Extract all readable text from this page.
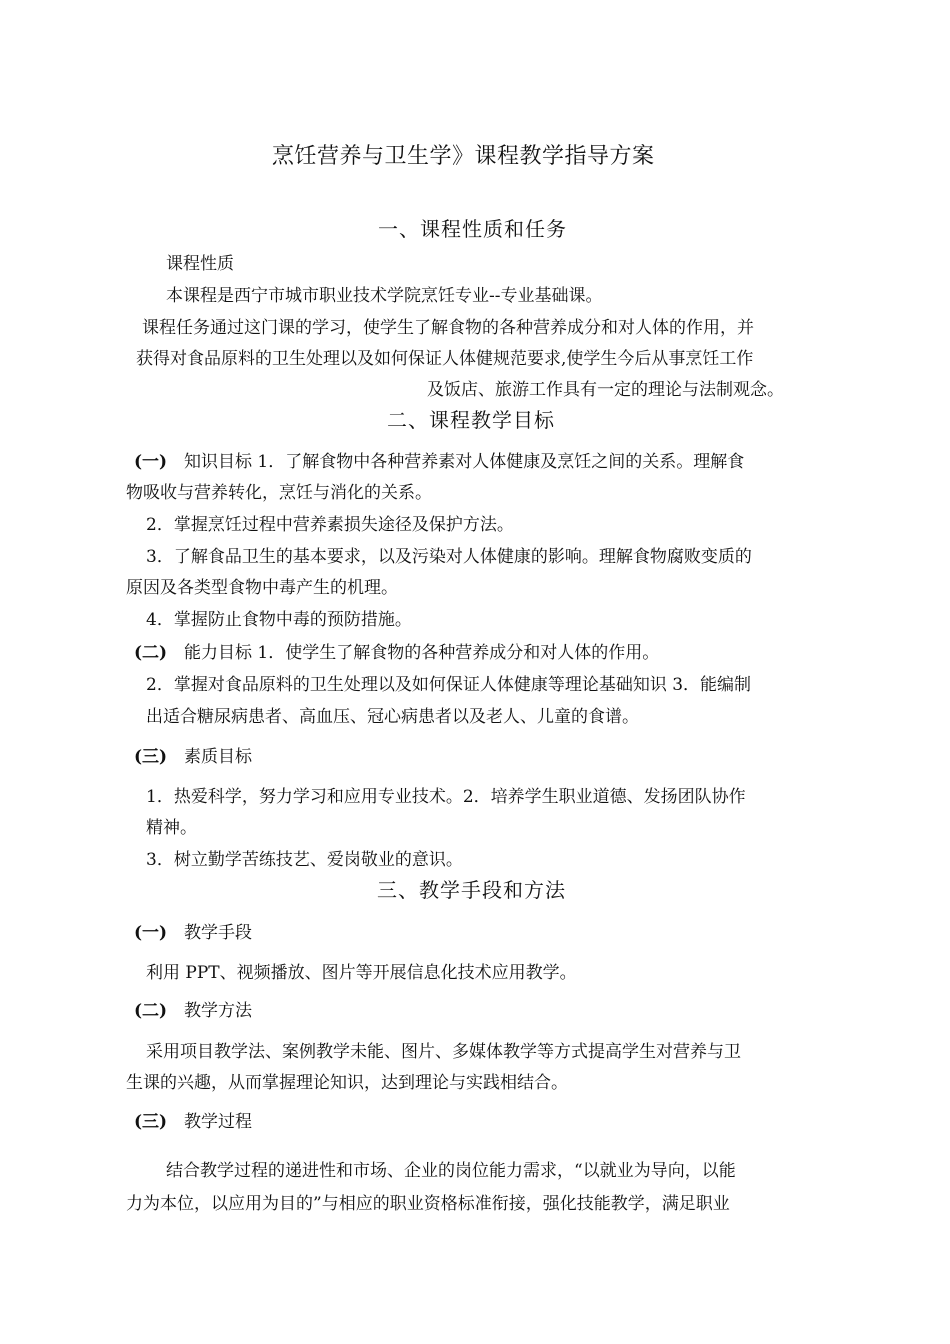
烹饪营养与卫生学》课程教学指导方案
一、课程性质和任务
课程性质
本课程是西宁市城市职业技术学院烹饪专业--专业基础课。
课程任务通过这门课的学习，使学生了解食物的各种营养成分和对人体的作用，并
获得对食品原料的卫生处理以及如何保证人体健规范要求,使学生今后从事烹饪工作
及饭店、旅游工作具有一定的理论与法制观念。
二、课程教学目标
(一) 知识目标 1．了解食物中各种营养素对人体健康及烹饪之间的关系。理解食
物吸收与营养转化，烹饪与消化的关系。
2．掌握烹饪过程中营养素损失途径及保护方法。
3．了解食品卫生的基本要求，以及污染对人体健康的影响。理解食物腐败变质的
原因及各类型食物中毒产生的机理。
4．掌握防止食物中毒的预防措施。
(二) 能力目标 1．使学生了解食物的各种营养成分和对人体的作用。
2．掌握对食品原料的卫生处理以及如何保证人体健康等理论基础知识 3．能编制
出适合糖尿病患者、高血压、冠心病患者以及老人、儿童的食谱。
(三) 素质目标
1．热爱科学，努力学习和应用专业技术。2．培养学生职业道德、发扬团队协作
精神。
3．树立勤学苦练技艺、爱岗敬业的意识。
三、教学手段和方法
(一) 教学手段
利用 PPT、视频播放、图片等开展信息化技术应用教学。
(二) 教学方法
采用项目教学法、案例教学未能、图片、多媒体教学等方式提高学生对营养与卫
生课的兴趣，从而掌握理论知识，达到理论与实践相结合。
(三) 教学过程
结合教学过程的递进性和市场、企业的岗位能力需求，“以就业为导向，以能
力为本位，以应用为目的”与相应的职业资格标准衔接，强化技能教学，满足职业
